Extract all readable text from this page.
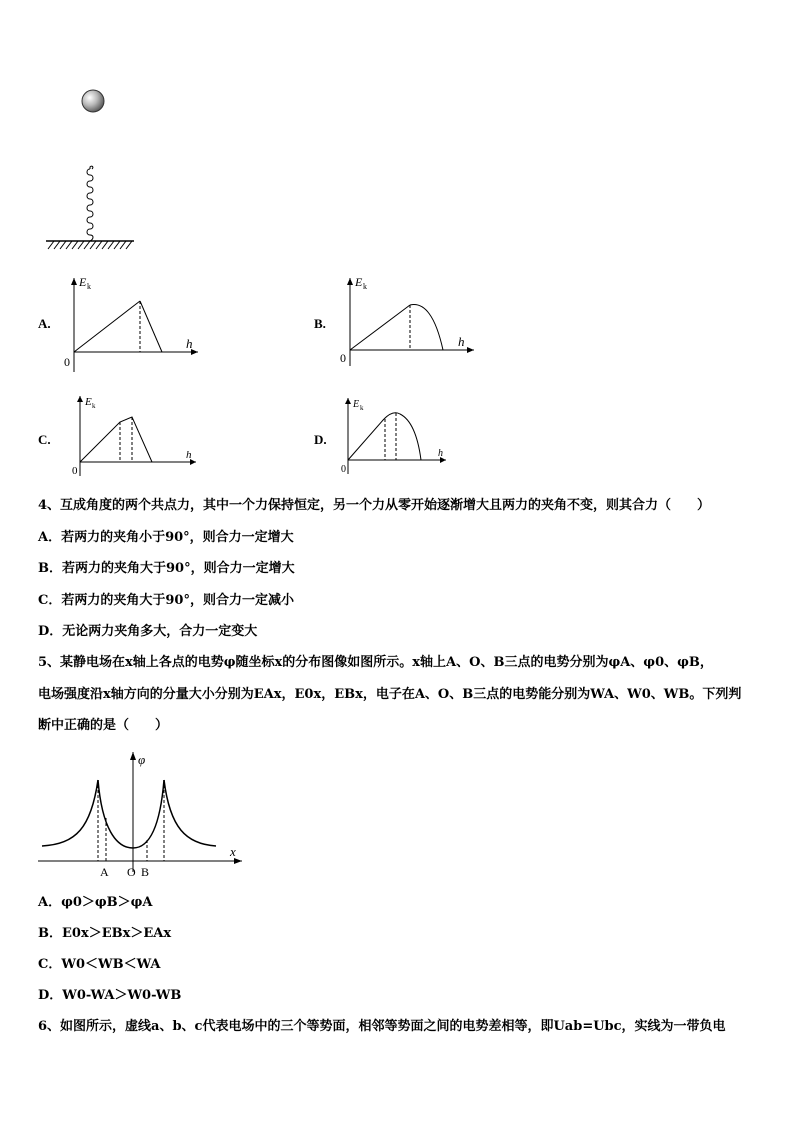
A.
E k
h
0
B.
E k
h
0
C.
E k
h
0
D.
E k
h
0
4、互成角度的两个共点力，其中一个力保持恒定，另一个力从零开始逐渐增大且两力的夹角不变，则其合力（　　）
A．若两力的夹角小于90°，则合力一定增大
B．若两力的夹角大于90°，则合力一定增大
C．若两力的夹角大于90°，则合力一定减小
D．无论两力夹角多大，合力一定变大
5、某静电场在x轴上各点的电势φ随坐标x的分布图像如图所示。x轴上A、O、B三点的电势分别为φA、φ0、φB，
电场强度沿x轴方向的分量大小分别为EAx，E0x，EBx，电子在A、O、B三点的电势能分别为WA、W0、WB。下列判
断中正确的是（　　）
φ
x
A O B
A．φ0＞φB＞φA
B．E0x＞EBx＞EAx
C．W0＜WB＜WA
D．W0-WA＞W0-WB
6、如图所示，虚线a、b、c代表电场中的三个等势面，相邻等势面之间的电势差相等，即Uab=Ubc，实线为一带负电
